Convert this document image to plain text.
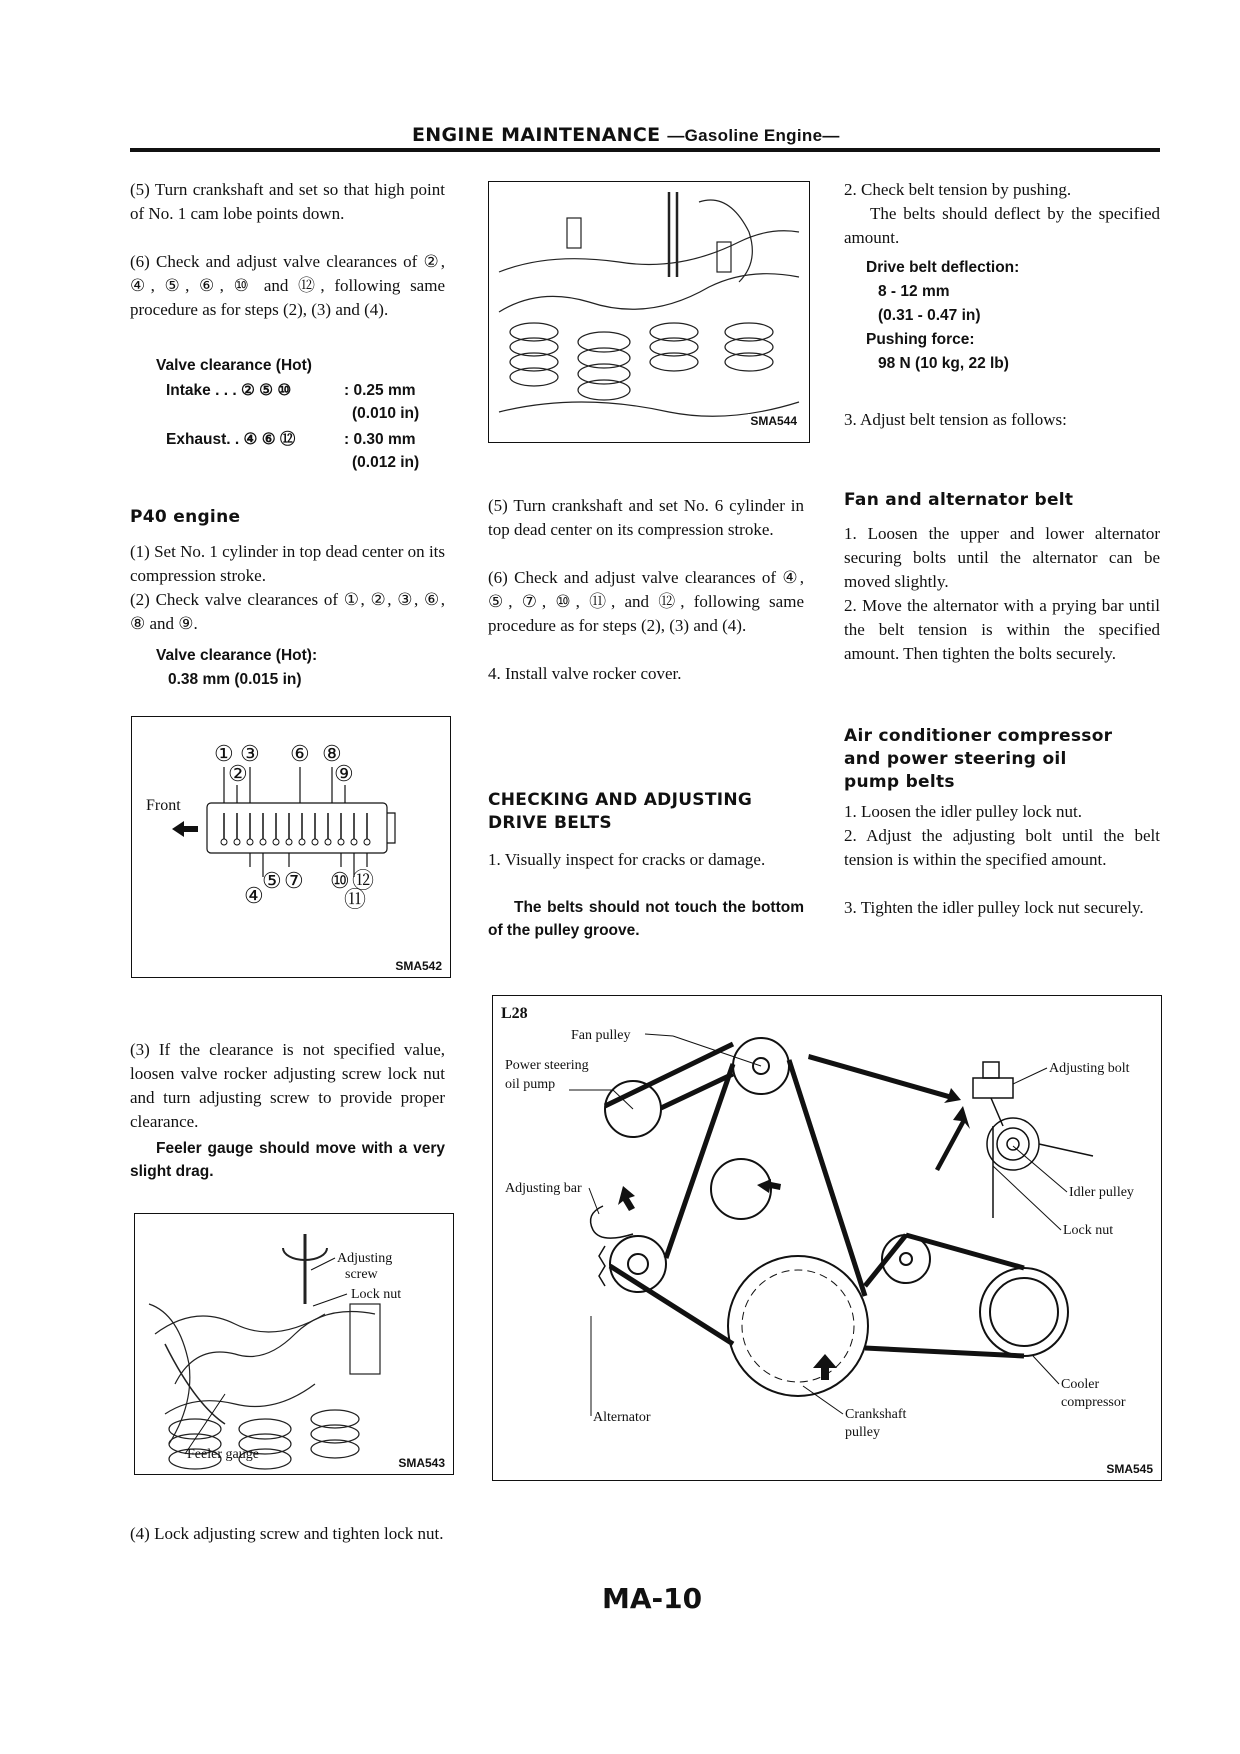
ENGINE MAINTENANCE —Gasoline Engine—

(5) Turn crankshaft and set so that high point of No. 1 cam lobe points down.

(6) Check and adjust valve clearances of ②, ④, ⑤, ⑥, ⑩ and ⑫, following same procedure as for steps (2), (3) and (4).

Valve clearance (Hot)
Intake . . . ② ⑤ ⑩	: 0.25 mm
(0.010 in)
Exhaust. . ④ ⑥ ⑫	: 0.30 mm
(0.012 in)
P40 engine

(1) Set No. 1 cylinder in top dead center on its compression stroke.

(2) Check valve clearances of ①, ②, ③, ⑥, ⑧ and ⑨.

Valve clearance (Hot):
0.38 mm (0.015 in)
① ③ ⑥ ⑧
②	⑨
Front
⑤ ⑦ ⑩ ⑫
④	⑪
SMA542

(3) If the clearance is not specified value, loosen valve rocker adjusting screw lock nut and turn adjusting screw to provide proper clearance.

Feeler gauge should move with a very slight drag.

Adjusting
screw
Lock nut
Feeler gauge
SMA543

(4) Lock adjusting screw and tighten lock nut.

SMA544

(5) Turn crankshaft and set No. 6 cylinder in top dead center on its compression stroke.

(6) Check and adjust valve clearances of ④, ⑤, ⑦, ⑩, ⑪, and ⑫, following same procedure as for steps (2), (3) and (4).

4. Install valve rocker cover.

CHECKING AND ADJUSTING
DRIVE BELTS

1. Visually inspect for cracks or damage.

The belts should not touch the bottom of the pulley groove.

2. Check belt tension by pushing.

The belts should deflect by the specified amount.

Drive belt deflection:
8 - 12 mm
(0.31 - 0.47 in)
Pushing force:
98 N (10 kg, 22 lb)

3. Adjust belt tension as follows:

Fan and alternator belt

1. Loosen the upper and lower alternator securing bolts until the alternator can be moved slightly.

2. Move the alternator with a prying bar until the belt tension is within the specified amount. Then tighten the bolts securely.

Air conditioner compressor
and power steering oil
pump belts

1. Loosen the idler pulley lock nut.

2. Adjust the adjusting bolt until the belt tension is within the specified amount.

3. Tighten the idler pulley lock nut securely.

L28
Fan pulley
Power steering
oil pump
Adjusting bar
Alternator	Crankshaft
pulley
Adjusting bolt
Idler pulley
Lock nut
Cooler
compressor
SMA545
MA-10
